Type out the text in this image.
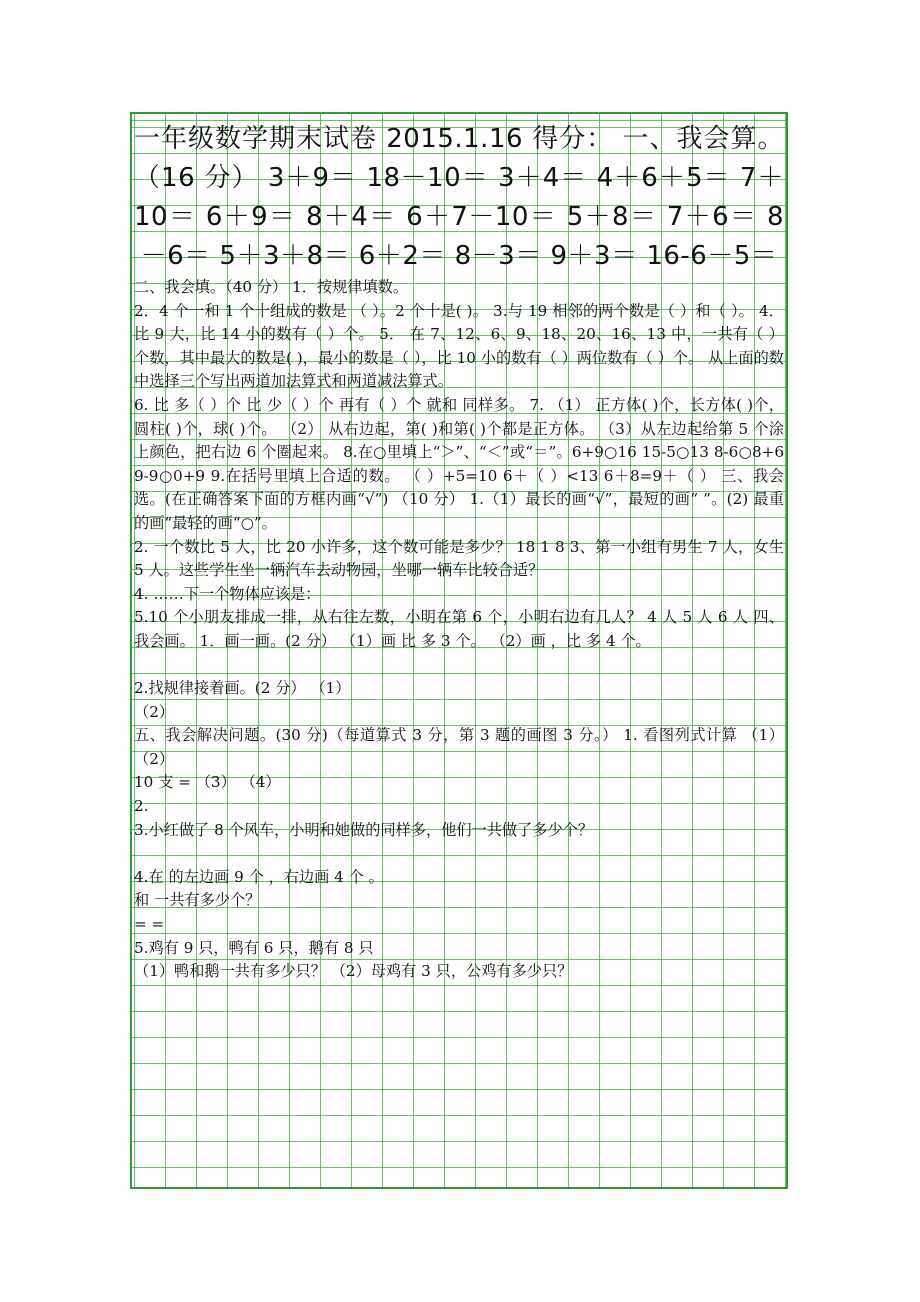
一年级数学期末试卷 2015.1.16 得分： 一、我会算。（16 分） 3＋9＝ 18－10＝ 3＋4＝ 4＋6＋5＝ 7＋10＝ 6＋9＝ 8＋4＝ 6＋7－10＝ 5＋8＝ 7＋6＝ 8－6＝ 5＋3＋8＝ 6＋2＝ 8－3＝ 9＋3＝ 16-6－5＝

二、我会填。（40 分） 1．按规律填数。

2．4 个一和 1 个十组成的数是 （ ）。2 个十是( )。 3.与 19 相邻的两个数是（ ）和（ ）。 4．比 9 大，比 14 小的数有（ ）个。 5． 在 7、12、6、9、18、20、16、13 中，一共有（ ）个数，其中最大的数是( )，最小的数是（ ），比 10 小的数有（ ）两位数有（ ）个。 从上面的数中选择三个写出两道加法算式和两道减法算式。

6. 比 多（ ）个 比 少（ ）个 再有（ ）个 就和 同样多。 7. （1） 正方体( )个，长方体( )个，圆柱( )个，球( )个。 （2） 从右边起，第( )和第( )个都是正方体。 （3）从左边起给第 5 个涂上颜色，把右边 6 个圈起来。 8.在○里填上“＞”、“＜”或“＝”。6+9○16 15-5○13 8-6○8+6 9-9○0+9 9.在括号里填上合适的数。 （ ）+5=10 6＋（ ）<13 6＋8=9＋（ ） 三、我会选。(在正确答案下面的方框内画“√”) （10 分） 1.（1）最长的画“√”，最短的画“ ”。(2) 最重的画“最轻的画“○”。

2. 一个数比 5 大，比 20 小许多，这个数可能是多少？ 18 1 8 3、第一小组有男生 7 人，女生 5 人。这些学生坐一辆汽车去动物园，坐哪一辆车比较合适？

4. ……下一个物体应该是：

5.10 个小朋友排成一排，从右往左数，小明在第 6 个，小明右边有几人？ 4 人 5 人 6 人 四、我会画。 1．画一画。(2 分） （1）画 比 多 3 个。 （2）画 ，比 多 4 个。

2.找规律接着画。(2 分） （1）

（2）

五、我会解决问题。(30 分)（每道算式 3 分，第 3 题的画图 3 分。） 1. 看图列式计算 （1） （2）

10 支 = （3） （4）

2.

3.小红做了 8 个风车，小明和她做的同样多，他们一共做了多少个？

4.在 的左边画 9 个 ，右边画 4 个 。

和 一共有多少个？

= =

5.鸡有 9 只，鸭有 6 只，鹅有 8 只

（1）鸭和鹅一共有多少只？ （2）母鸡有 3 只，公鸡有多少只？
